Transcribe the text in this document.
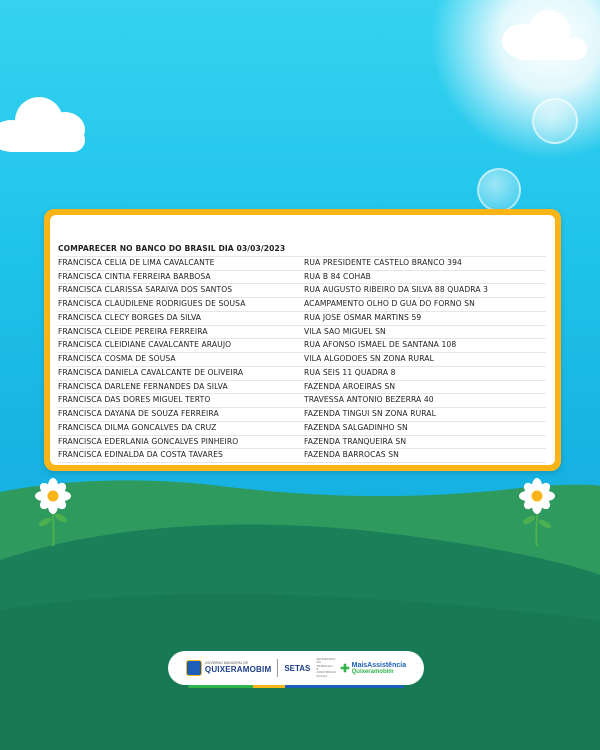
COMPARECER NO BANCO DO BRASIL DIA 03/03/2023
FRANCISCA CELIA DE LIMA CAVALCANTE	RUA PRESIDENTE CASTELO BRANCO 394
FRANCISCA CINTIA FERREIRA BARBOSA	RUA B 84 COHAB
FRANCISCA CLARISSA SARAIVA DOS SANTOS	RUA AUGUSTO RIBEIRO DA SILVA 88 QUADRA 3
FRANCISCA CLAUDILENE RODRIGUES DE SOUSA	ACAMPAMENTO OLHO D GUA DO FORNO SN
FRANCISCA CLECY BORGES DA SILVA	RUA JOSE OSMAR MARTINS 59
FRANCISCA CLEIDE PEREIRA FERREIRA	VILA SAO MIGUEL SN
FRANCISCA CLEIDIANE CAVALCANTE ARAUJO	RUA AFONSO ISMAEL DE SANTANA 108
FRANCISCA COSMA DE SOUSA	VILA ALGODOES SN ZONA RURAL
FRANCISCA DANIELA CAVALCANTE DE OLIVEIRA	RUA SEIS 11 QUADRA 8
FRANCISCA DARLENE FERNANDES DA SILVA	FAZENDA AROEIRAS SN
FRANCISCA DAS DORES MIGUEL TERTO	TRAVESSA ANTONIO BEZERRA 40
FRANCISCA DAYANA DE SOUZA FERREIRA	FAZENDA TINGUI SN ZONA RURAL
FRANCISCA DILMA GONCALVES DA CRUZ	FAZENDA SALGADINHO SN
FRANCISCA EDERLANIA GONCALVES PINHEIRO	FAZENDA TRANQUEIRA SN
FRANCISCA EDINALDA DA COSTA TAVARES	FAZENDA BARROCAS SN
GOVERNO MUNICIPAL DE
QUIXERAMOBIM SETAS
SECRETARIA DO TRABALHO E ASSISTÊNCIA SOCIAL
✚ MaisAssistência
Quixeramobim
